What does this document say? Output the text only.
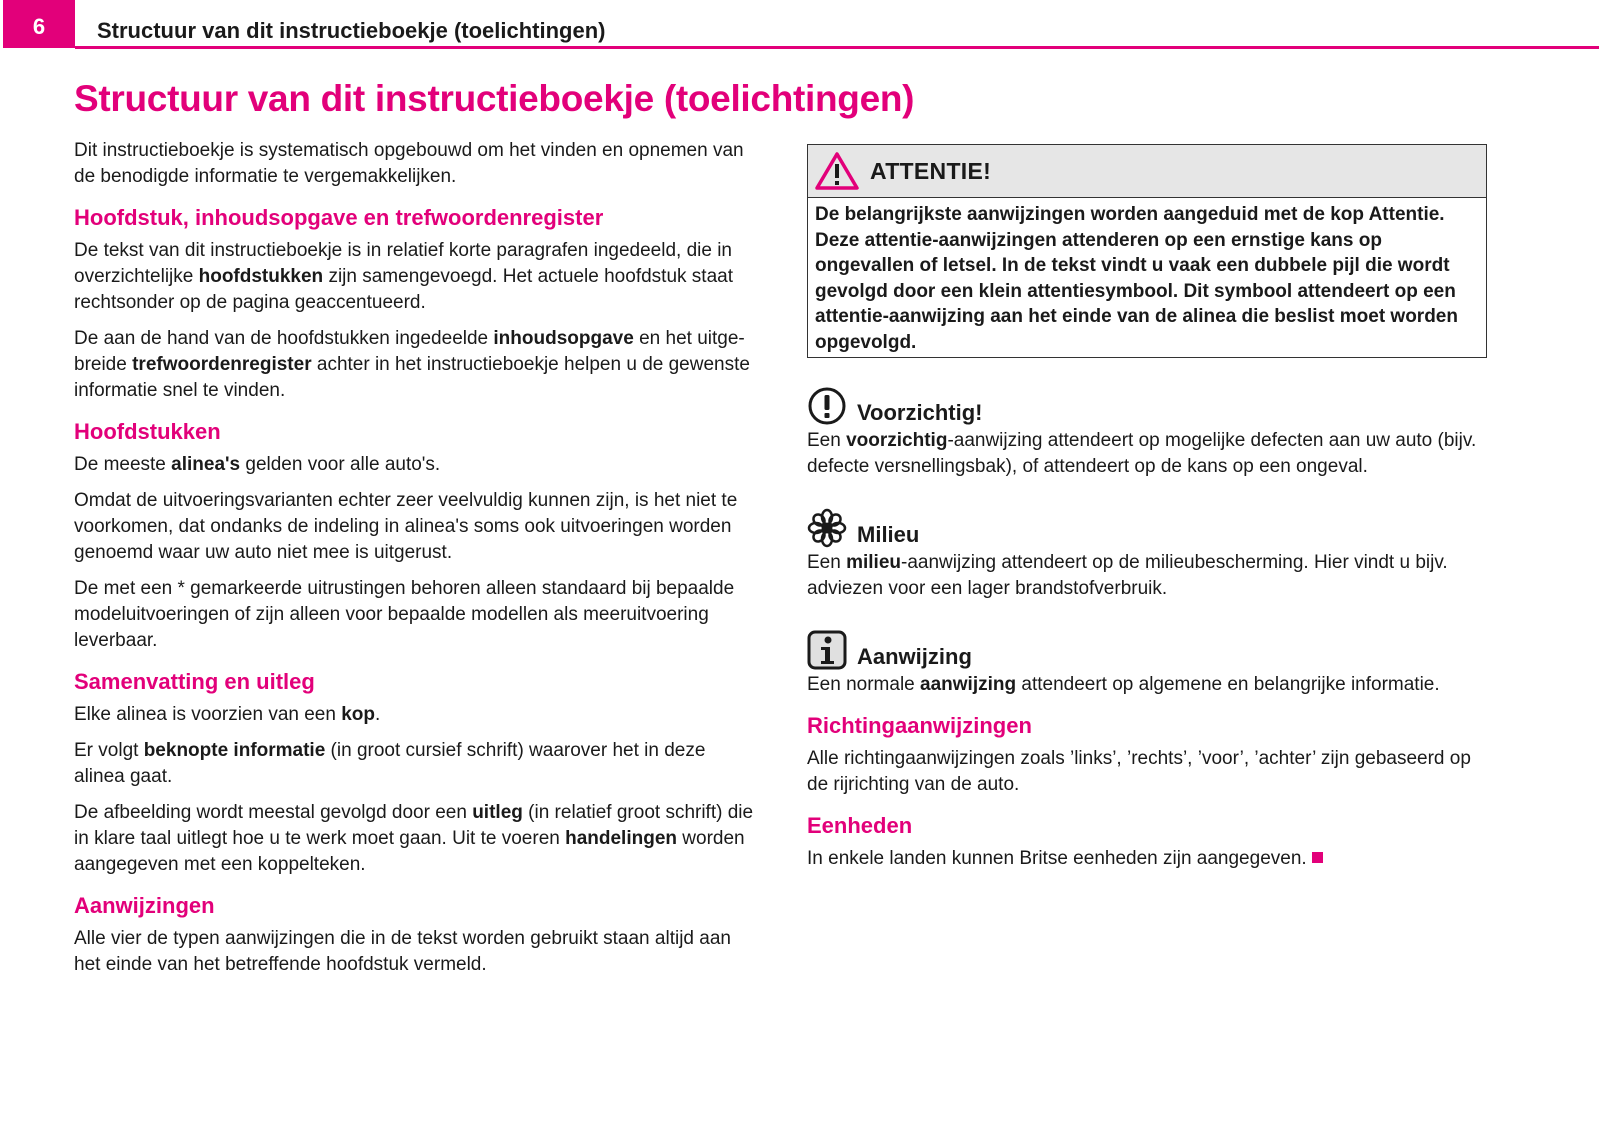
6	Structuur van dit instructieboekje (toelichtingen)
Structuur van dit instructieboekje (toelichtingen)

Dit instructieboekje is systematisch opgebouwd om het vinden en opnemen van de benodigde informatie te vergemakkelijken.

Hoofdstuk, inhoudsopgave en trefwoordenregister

De tekst van dit instructieboekje is in relatief korte paragrafen ingedeeld, die in overzichtelijke hoofdstukken zijn samengevoegd. Het actuele hoofdstuk staat rechtsonder op de pagina geaccentueerd.

De aan de hand van de hoofdstukken ingedeelde inhoudsopgave en het uitge-breide trefwoordenregister achter in het instructieboekje helpen u de gewenste informatie snel te vinden.

Hoofdstukken

De meeste alinea's gelden voor alle auto's.

Omdat de uitvoeringsvarianten echter zeer veelvuldig kunnen zijn, is het niet te voorkomen, dat ondanks de indeling in alinea's soms ook uitvoeringen worden genoemd waar uw auto niet mee is uitgerust.

De met een * gemarkeerde uitrustingen behoren alleen standaard bij bepaalde modeluitvoeringen of zijn alleen voor bepaalde modellen als meeruitvoering leverbaar.

Samenvatting en uitleg

Elke alinea is voorzien van een kop.

Er volgt beknopte informatie (in groot cursief schrift) waarover het in deze alinea gaat.

De afbeelding wordt meestal gevolgd door een uitleg (in relatief groot schrift) die in klare taal uitlegt hoe u te werk moet gaan. Uit te voeren handelingen worden aangegeven met een koppelteken.

Aanwijzingen

Alle vier de typen aanwijzingen die in de tekst worden gebruikt staan altijd aan het einde van het betreffende hoofdstuk vermeld.

ATTENTIE!
De belangrijkste aanwijzingen worden aangeduid met de kop Attentie. Deze attentie-aanwijzingen attenderen op een ernstige kans op ongevallen of letsel. In de tekst vindt u vaak een dubbele pijl die wordt gevolgd door een klein attentiesymbool. Dit symbool attendeert op een attentie-aanwijzing aan het einde van de alinea die beslist moet worden opgevolgd.
Voorzichtig!

Een voorzichtig-aanwijzing attendeert op mogelijke defecten aan uw auto (bijv. defecte versnellingsbak), of attendeert op de kans op een ongeval.

Milieu

Een milieu-aanwijzing attendeert op de milieubescherming. Hier vindt u bijv. adviezen voor een lager brandstofverbruik.

Aanwijzing

Een normale aanwijzing attendeert op algemene en belangrijke informatie.

Richtingaanwijzingen

Alle richtingaanwijzingen zoals ’links’, ’rechts’, ’voor’, ’achter’ zijn gebaseerd op de rijrichting van de auto.

Eenheden

In enkele landen kunnen Britse eenheden zijn aangegeven.
